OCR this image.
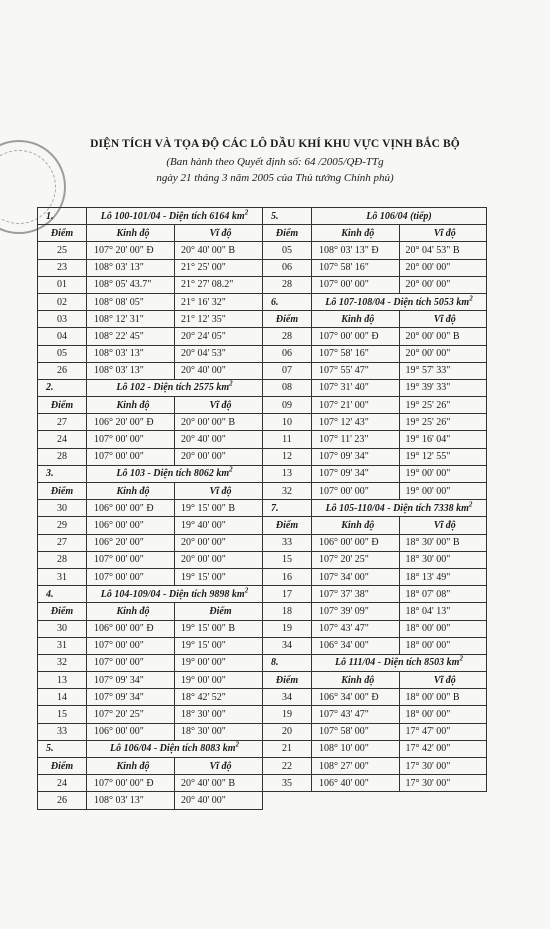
DIỆN TÍCH VÀ TỌA ĐỘ CÁC LÔ DẦU KHÍ KHU VỰC VỊNH BẮC BỘ
(Ban hành theo Quyết định số: 64 /2005/QĐ-TTg
ngày 21 tháng 3 năm 2005 của Thủ tướng Chính phủ)
1.	Lô 100-101/04 - Diện tích 6164 $km^2$
Điểm	Kinh độ	Vĩ độ
25	107° 20' 00" Đ	20° 40' 00" B
23	108° 03' 13"	21° 25' 00"
01	108° 05' 43.7"	21° 27' 08.2"
02	108° 08' 05"	21° 16' 32"
03	108° 12' 31"	21° 12' 35"
04	108° 22' 45"	20° 24' 05"
05	108° 03' 13"	20° 04' 53"
26	108° 03' 13"	20° 40' 00"
2.	Lô 102 - Diện tích 2575 $km^2$
Điểm	Kinh độ	Vĩ độ
27	106° 20' 00" Đ	20° 00' 00" B
24	107° 00' 00"	20° 40' 00"
28	107° 00' 00"	20° 00' 00"
3.	Lô 103 - Diện tích 8062 $km^2$
Điểm	Kinh độ	Vĩ độ
30	106° 00' 00" Đ	19° 15' 00" B
29	106° 00' 00"	19° 40' 00"
27	106° 20' 00"	20° 00' 00"
28	107° 00' 00"	20° 00' 00"
31	107° 00' 00"	19° 15' 00"
4.	Lô 104-109/04 - Diện tích 9898 $km^2$
Điểm	Kinh độ	Điểm
30	106° 00' 00" Đ	19° 15' 00" B
31	107° 00' 00"	19° 15' 00"
32	107° 00' 00"	19° 00' 00"
13	107° 09' 34"	19° 00' 00"
14	107° 09' 34"	18° 42' 52"
15	107° 20' 25"	18° 30' 00"
33	106° 00' 00"	18° 30' 00"
5.	Lô 106/04 - Diện tích 8083 $km^2$
Điểm	Kinh độ	Vĩ độ
24	107° 00' 00" Đ	20° 40' 00" B
26	108° 03' 13"	20° 40' 00"
5.	Lô 106/04 (tiếp)	
Điểm	Kinh độ	Vĩ độ
05	108° 03' 13" Đ	20° 04' 53" B
06	107° 58' 16"	20° 00' 00"
28	107° 00' 00"	20° 00' 00"
6.	Lô 107-108/04 - Diện tích 5053 $km^2$
Điểm	Kinh độ	Vĩ độ
28	107° 00' 00" Đ	20° 00' 00" B
06	107° 58' 16"	20° 00' 00"
07	107° 55' 47"	19° 57' 33"
08	107° 31' 40"	19° 39' 33"
09	107° 21' 00"	19° 25' 26"
10	107° 12' 43"	19° 25' 26"
11	107° 11' 23"	19° 16' 04"
12	107° 09' 34"	19° 12' 55"
13	107° 09' 34"	19° 00' 00"
32	107° 00' 00"	19° 00' 00"
7.	Lô 105-110/04 - Diện tích 7338 $km^2$
Điểm	Kinh độ	Vĩ độ
33	106° 00' 00" Đ	18° 30' 00" B
15	107° 20' 25"	18° 30' 00"
16	107° 34' 00"	18° 13' 49"
17	107° 37' 38"	18° 07' 08"
18	107° 39' 09"	18° 04' 13"
19	107° 43' 47"	18° 00' 00"
34	106° 34' 00"	18° 00' 00"
8.	Lô 111/04 - Diện tích 8503 $km^2$
Điểm	Kinh độ	Vĩ độ
34	106° 34' 00" Đ	18° 00' 00" B
19	107° 43' 47"	18° 00' 00"
20	107° 58' 00"	17° 47' 00"
21	108° 10' 00"	17° 42' 00"
22	108° 27' 00"	17° 30' 00"
35	106° 40' 00"	17° 30' 00"
